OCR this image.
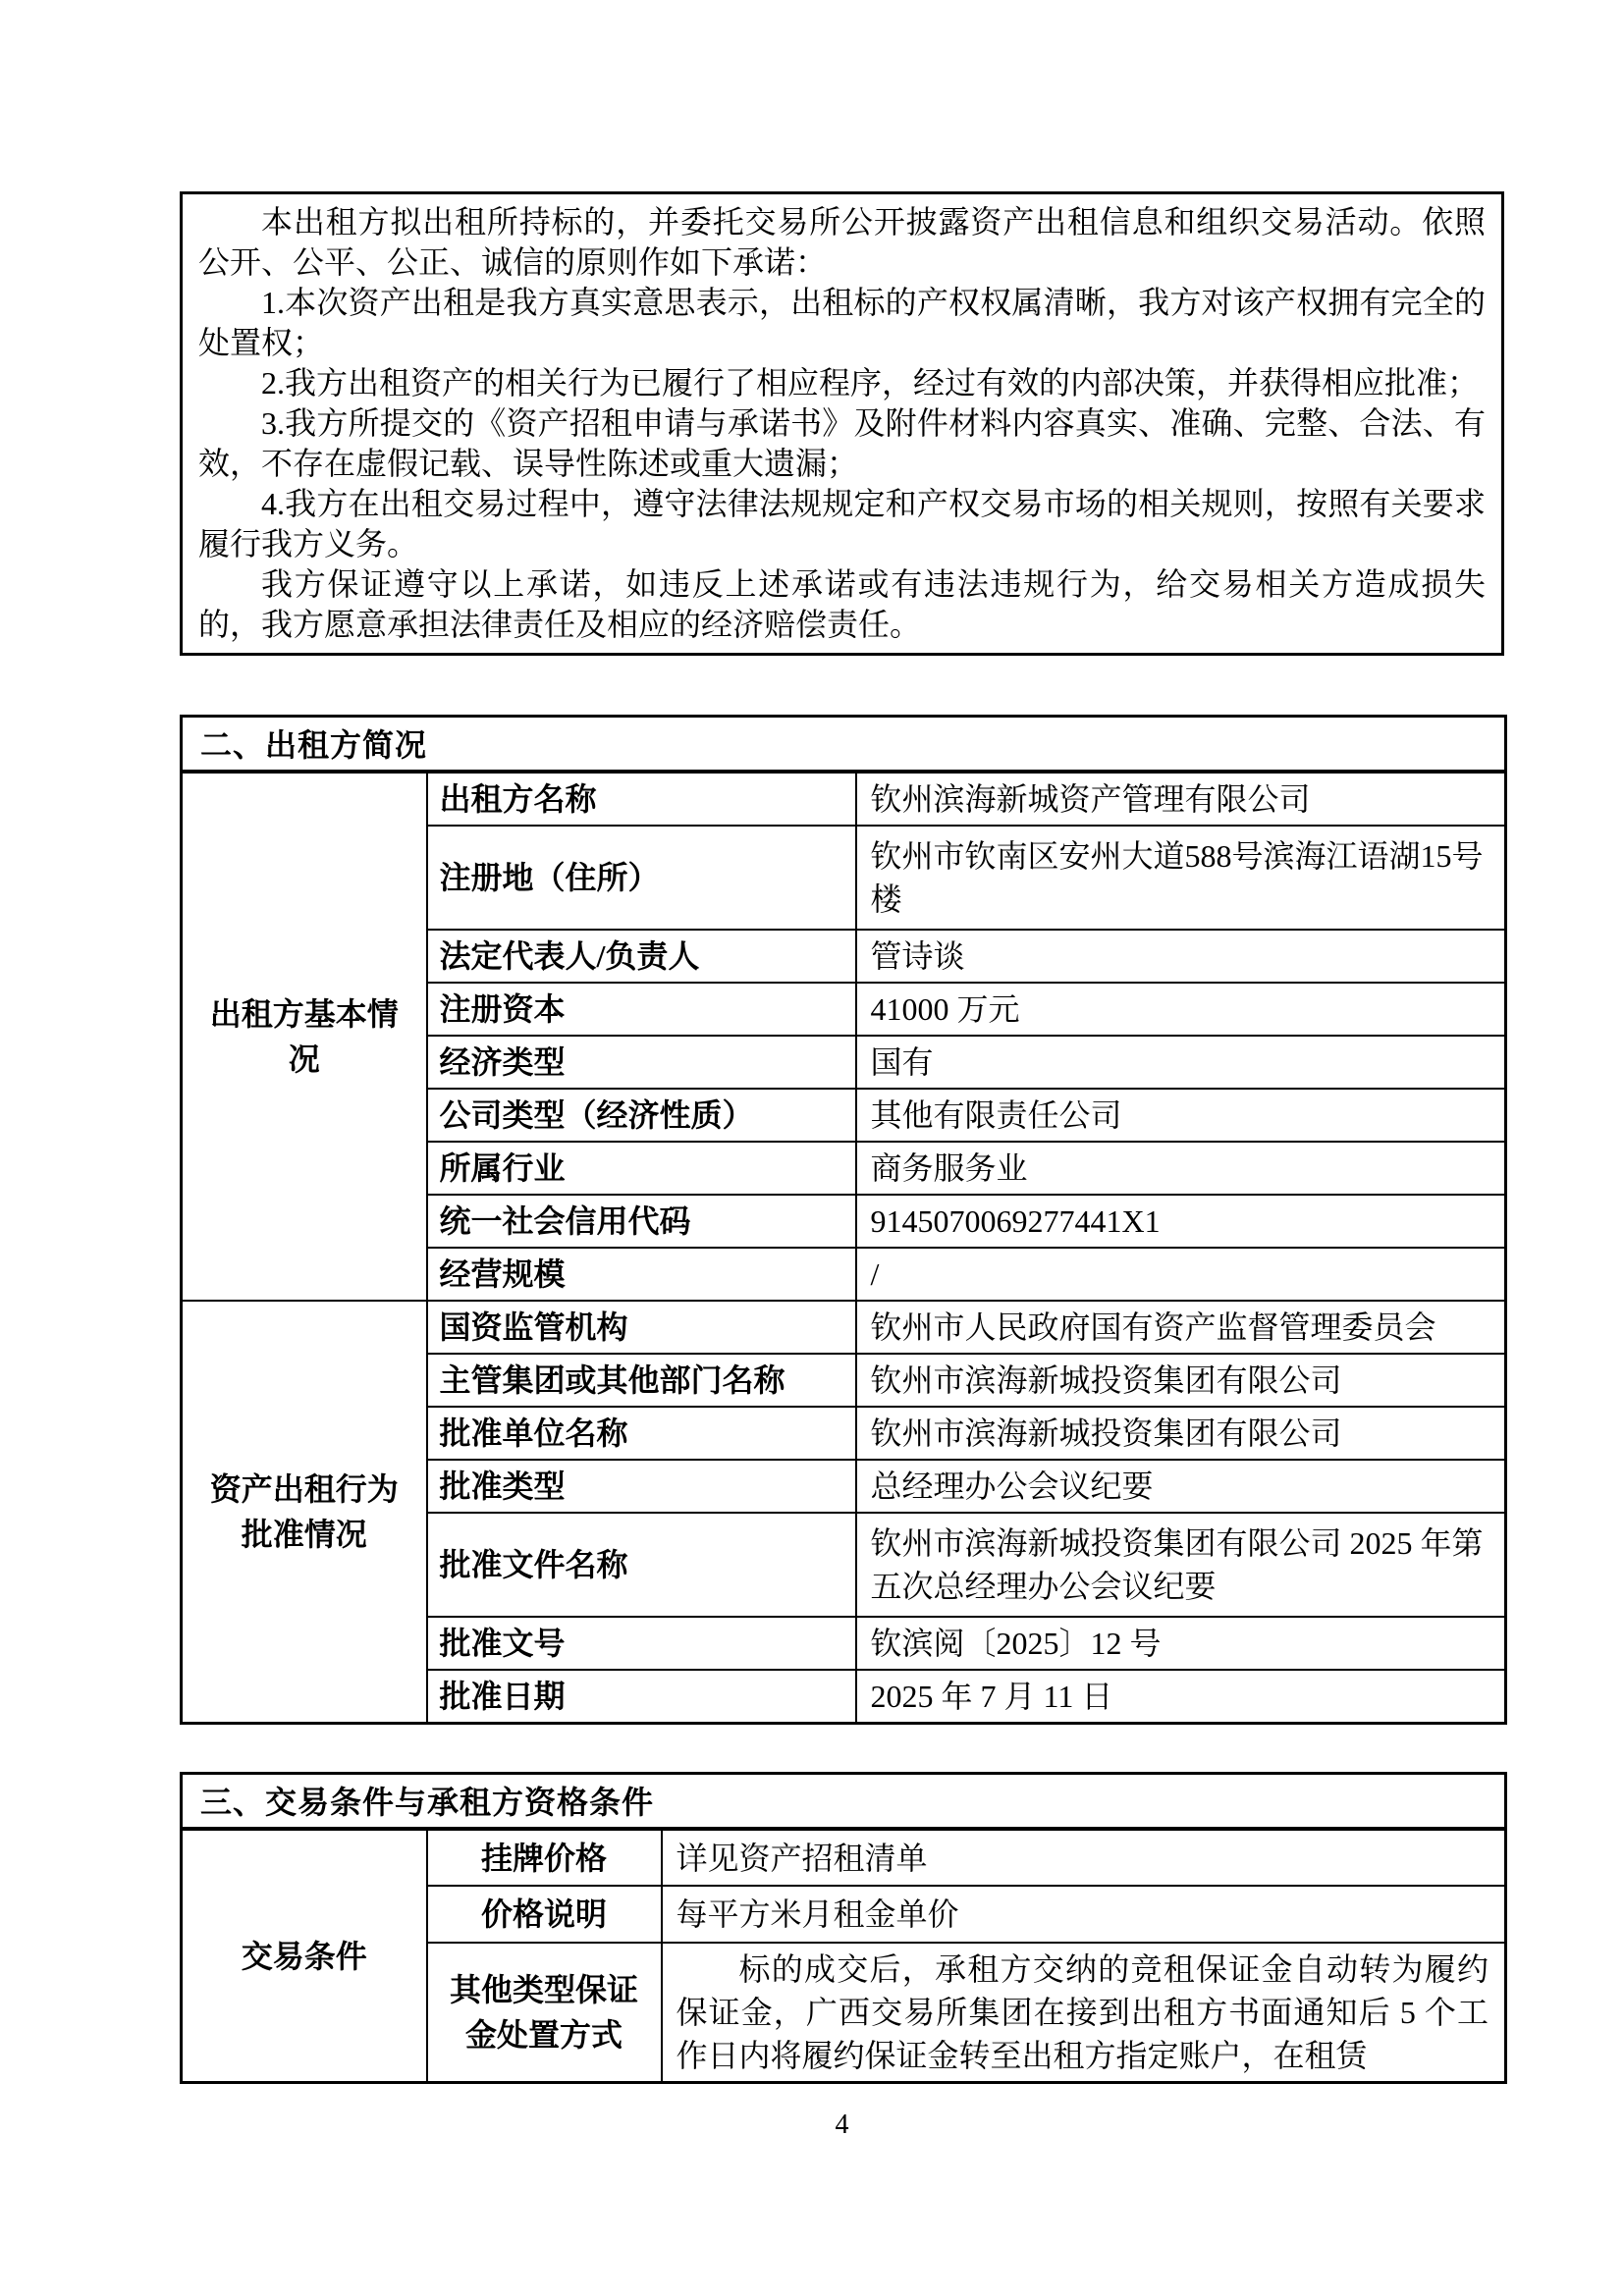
本出租方拟出租所持标的，并委托交易所公开披露资产出租信息和组织交易活动。依照公开、公平、公正、诚信的原则作如下承诺：

1.本次资产出租是我方真实意思表示，出租标的产权权属清晰，我方对该产权拥有完全的处置权；

2.我方出租资产的相关行为已履行了相应程序，经过有效的内部决策，并获得相应批准；

3.我方所提交的《资产招租申请与承诺书》及附件材料内容真实、准确、完整、合法、有效，不存在虚假记载、误导性陈述或重大遗漏；

4.我方在出租交易过程中，遵守法律法规规定和产权交易市场的相关规则，按照有关要求履行我方义务。

我方保证遵守以上承诺，如违反上述承诺或有违法违规行为，给交易相关方造成损失的，我方愿意承担法律责任及相应的经济赔偿责任。

二、出租方简况		
出租方基本情况	出租方名称	钦州滨海新城资产管理有限公司
	注册地（住所）	钦州市钦南区安州大道588号滨海江语湖15号楼
	法定代表人/负责人	管诗谈
	注册资本	41000 万元
	经济类型	国有
	公司类型（经济性质）	其他有限责任公司
	所属行业	商务服务业
	统一社会信用代码	9145070069277441X1
	经营规模	/
资产出租行为批准情况	国资监管机构	钦州市人民政府国有资产监督管理委员会
	主管集团或其他部门名称	钦州市滨海新城投资集团有限公司
	批准单位名称	钦州市滨海新城投资集团有限公司
	批准类型	总经理办公会议纪要
	批准文件名称	钦州市滨海新城投资集团有限公司 2025 年第五次总经理办公会议纪要
	批准文号	钦滨阅〔2025〕12 号
	批准日期	2025 年 7 月 11 日
三、交易条件与承租方资格条件		
交易条件	挂牌价格	详见资产招租清单
	价格说明	每平方米月租金单价
	其他类型保证金处置方式	标的成交后，承租方交纳的竞租保证金自动转为履约保证金，广西交易所集团在接到出租方书面通知后 5 个工作日内将履约保证金转至出租方指定账户，在租赁
4
